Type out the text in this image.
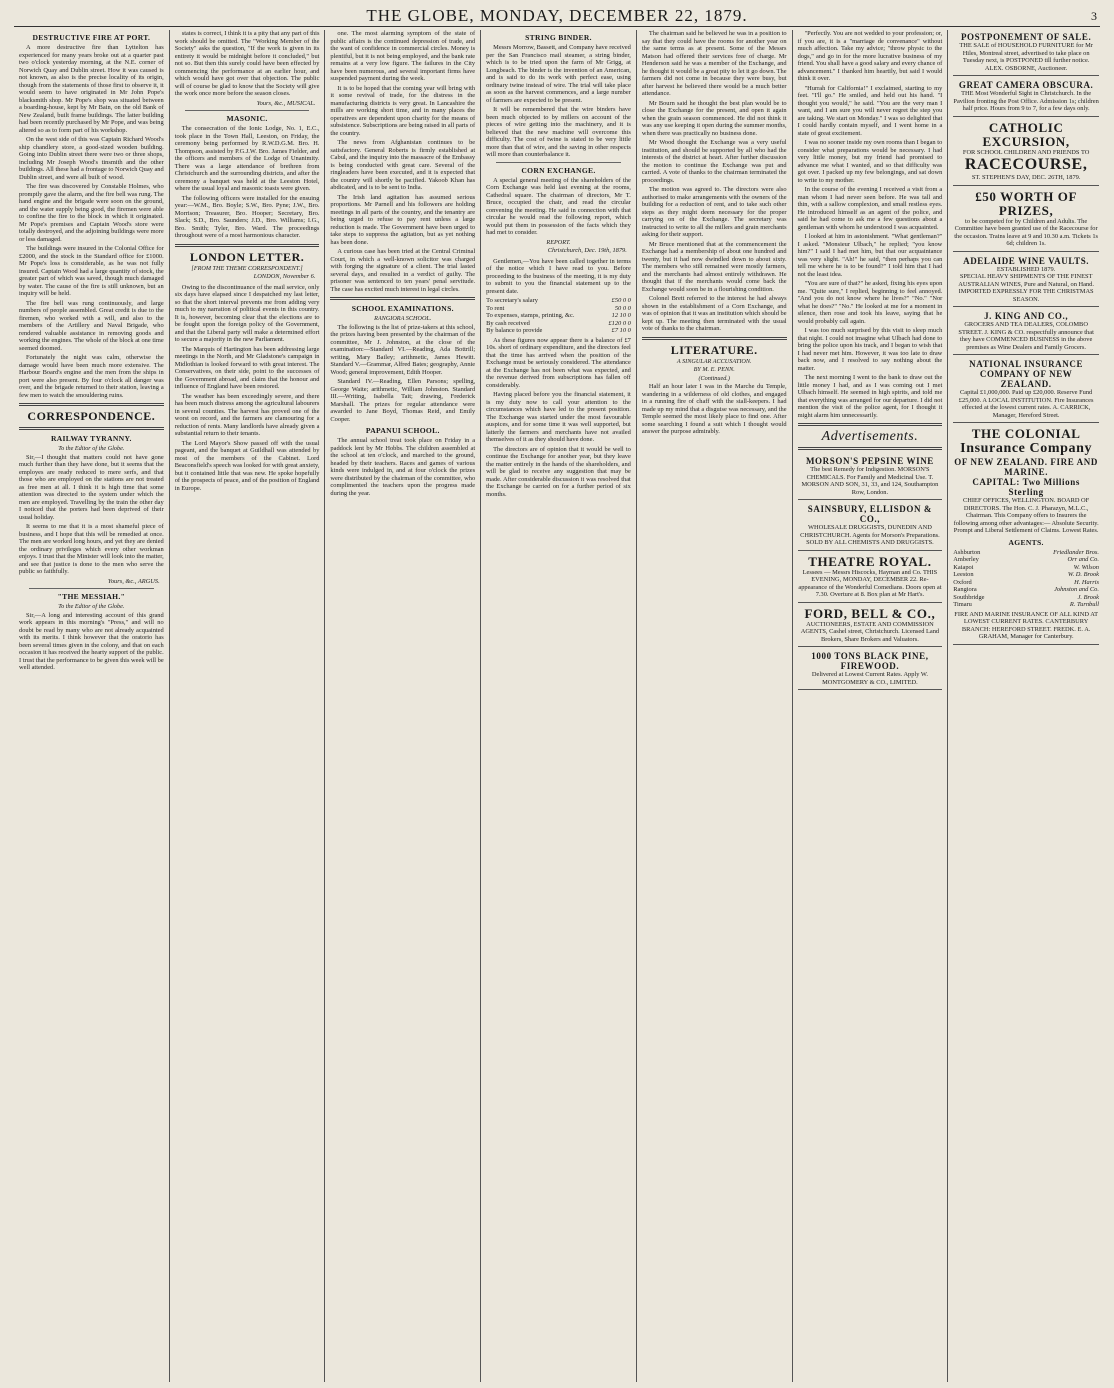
THE GLOBE, MONDAY, DECEMBER 22, 1879.	3
DESTRUCTIVE FIRE AT PORT.

A more destructive fire than Lyttelton has experienced for many years broke out at a quarter past two o'clock yesterday morning, at the N.E. corner of Norwich Quay and Dublin street. How it was caused is not known, as also is the precise locality of its origin, though from the statements of those first to observe it, it would seem to have originated in Mr John Pope's blacksmith shop. Mr Pope's shop was situated between a boarding-house, kept by Mr Bain, on the old Bank of New Zealand, built frame buildings. The latter building had been recently purchased by Mr Pope, and was being altered so as to form part of his workshop.

On the west side of this was Captain Richard Wood's ship chandlery store, a good-sized wooden building. Going into Dublin street there were two or three shops, including Mr Joseph Wood's tinsmith and the other buildings. All these had a frontage to Norwich Quay and Dublin street, and were all built of wood.

The fire was discovered by Constable Holmes, who promptly gave the alarm, and the fire bell was rung. The hand engine and the brigade were soon on the ground, and the water supply being good, the firemen were able to confine the fire to the block in which it originated. Mr Pope's premises and Captain Wood's store were totally destroyed, and the adjoining buildings were more or less damaged.

The buildings were insured in the Colonial Office for £2000, and the stock in the Standard office for £1000. Mr Pope's loss is considerable, as he was not fully insured. Captain Wood had a large quantity of stock, the greater part of which was saved, though much damaged by water. The cause of the fire is still unknown, but an inquiry will be held.

The fire bell was rung continuously, and large numbers of people assembled. Great credit is due to the firemen, who worked with a will, and also to the members of the Artillery and Naval Brigade, who rendered valuable assistance in removing goods and working the engines. The whole of the block at one time seemed doomed.

Fortunately the night was calm, otherwise the damage would have been much more extensive. The Harbour Board's engine and the men from the ships in port were also present. By four o'clock all danger was over, and the brigade returned to their station, leaving a few men to watch the smouldering ruins.

CORRESPONDENCE.
RAILWAY TYRANNY.
To the Editor of the Globe.

Sir,—I thought that matters could not have gone much further than they have done, but it seems that the employes are ready reduced to mere serfs, and that those who are employed on the stations are not treated as free men at all. I think it is high time that some attention was directed to the system under which the men are employed. Travelling by the train the other day I noticed that the porters had been deprived of their usual holiday.

It seems to me that it is a most shameful piece of business, and I hope that this will be remedied at once. The men are worked long hours, and yet they are denied the ordinary privileges which every other workman enjoys. I trust that the Minister will look into the matter, and see that justice is done to the men who serve the public so faithfully.

Yours, &c., ARGUS.
"THE MESSIAH."
To the Editor of the Globe.

Sir,—A long and interesting account of this grand work appears in this morning's "Press," and will no doubt be read by many who are not already acquainted with its merits. I think however that the oratorio has been several times given in the colony, and that on each occasion it has received the hearty support of the public. I trust that the performance to be given this week will be well attended.

states is correct, I think it is a pity that any part of this work should be omitted. The "Working Member of the Society" asks the question, "If the work is given in its entirety it would be midnight before it concluded," but not so. But then this surely could have been effected by commencing the performance at an earlier hour, and which would have got over that objection. The public will of course be glad to know that the Society will give the work once more before the season closes.

Yours, &c., MUSICAL.
MASONIC.

The consecration of the Ionic Lodge, No. 1, E.C., took place in the Town Hall, Leeston, on Friday, the ceremony being performed by R.W.D.G.M. Bro. H. Thompson, assisted by P.G.J.W. Bro. James Fielder, and the officers and members of the Lodge of Unanimity. There was a large attendance of brethren from Christchurch and the surrounding districts, and after the ceremony a banquet was held at the Leeston Hotel, where the usual loyal and masonic toasts were given.

The following officers were installed for the ensuing year:—W.M., Bro. Boyle; S.W., Bro. Pyne; J.W., Bro. Morrison; Treasurer, Bro. Hooper; Secretary, Bro. Slack; S.D., Bro. Saunders; J.D., Bro. Williams; I.G., Bro. Smith; Tyler, Bro. Ward. The proceedings throughout were of a most harmonious character.

LONDON LETTER.
[FROM THE THEME CORRESPONDENT.]
LONDON, November 6.

Owing to the discontinuance of the mail service, only six days have elapsed since I despatched my last letter, so that the short interval prevents me from adding very much to my narration of political events in this country. It is, however, becoming clear that the elections are to be fought upon the foreign policy of the Government, and that the Liberal party will make a determined effort to secure a majority in the new Parliament.

The Marquis of Hartington has been addressing large meetings in the North, and Mr Gladstone's campaign in Midlothian is looked forward to with great interest. The Conservatives, on their side, point to the successes of the Government abroad, and claim that the honour and influence of England have been restored.

The weather has been exceedingly severe, and there has been much distress among the agricultural labourers in several counties. The harvest has proved one of the worst on record, and the farmers are clamouring for a reduction of rents. Many landlords have already given a substantial return to their tenants.

The Lord Mayor's Show passed off with the usual pageant, and the banquet at Guildhall was attended by most of the members of the Cabinet. Lord Beaconsfield's speech was looked for with great anxiety, but it contained little that was new. He spoke hopefully of the prospects of peace, and of the position of England in Europe.

one. The most alarming symptom of the state of public affairs is the continued depression of trade, and the want of confidence in commercial circles. Money is plentiful, but it is not being employed, and the bank rate remains at a very low figure. The failures in the City have been numerous, and several important firms have suspended payment during the week.

It is to be hoped that the coming year will bring with it some revival of trade, for the distress in the manufacturing districts is very great. In Lancashire the mills are working short time, and in many places the operatives are dependent upon charity for the means of subsistence. Subscriptions are being raised in all parts of the country.

The news from Afghanistan continues to be satisfactory. General Roberts is firmly established at Cabul, and the inquiry into the massacre of the Embassy is being conducted with great care. Several of the ringleaders have been executed, and it is expected that the country will shortly be pacified. Yakoob Khan has abdicated, and is to be sent to India.

The Irish land agitation has assumed serious proportions. Mr Parnell and his followers are holding meetings in all parts of the country, and the tenantry are being urged to refuse to pay rent unless a large reduction is made. The Government have been urged to take steps to suppress the agitation, but as yet nothing has been done.

A curious case has been tried at the Central Criminal Court, in which a well-known solicitor was charged with forging the signature of a client. The trial lasted several days, and resulted in a verdict of guilty. The prisoner was sentenced to ten years' penal servitude. The case has excited much interest in legal circles.

SCHOOL EXAMINATIONS.
RANGIORA SCHOOL.

The following is the list of prize-takers at this school, the prizes having been presented by the chairman of the committee, Mr J. Johnston, at the close of the examination:—Standard VI.—Reading, Ada Bottrill; writing, Mary Bailey; arithmetic, James Hewitt. Standard V.—Grammar, Alfred Bates; geography, Annie Wood; general improvement, Edith Hooper.

Standard IV.—Reading, Ellen Parsons; spelling, George Waite; arithmetic, William Johnston. Standard III.—Writing, Isabella Tait; drawing, Frederick Marshall. The prizes for regular attendance were awarded to Jane Boyd, Thomas Reid, and Emily Cooper.

PAPANUI SCHOOL.

The annual school treat took place on Friday in a paddock lent by Mr Hobbs. The children assembled at the school at ten o'clock, and marched to the ground, headed by their teachers. Races and games of various kinds were indulged in, and at four o'clock the prizes were distributed by the chairman of the committee, who complimented the teachers upon the progress made during the year.

STRING BINDER.

Messrs Morrow, Bassett, and Company have received per the San Francisco mail steamer, a string binder, which is to be tried upon the farm of Mr Grigg, at Longbeach. The binder is the invention of an American, and is said to do its work with perfect ease, using ordinary twine instead of wire. The trial will take place as soon as the harvest commences, and a large number of farmers are expected to be present.

It will be remembered that the wire binders have been much objected to by millers on account of the pieces of wire getting into the machinery, and it is believed that the new machine will overcome this difficulty. The cost of twine is stated to be very little more than that of wire, and the saving in other respects will more than counterbalance it.

CORN EXCHANGE.

A special general meeting of the shareholders of the Corn Exchange was held last evening at the rooms, Cathedral square. The chairman of directors, Mr T. Bruce, occupied the chair, and read the circular convening the meeting. He said in connection with that circular he would read the following report, which would put them in possession of the facts which they had met to consider.

REPORT.
Christchurch, Dec. 19th, 1879.

Gentlemen,—You have been called together in terms of the notice which I have read to you. Before proceeding to the business of the meeting, it is my duty to submit to you the financial statement up to the present date.

To secretary's salary	£50 0 0
To rent	50 0 0
To expenses, stamps, printing, &c.	12 10 0
By cash received	£120 0 0
By balance to provide	£7 10 0

As these figures now appear there is a balance of £7 10s. short of ordinary expenditure, and the directors feel that the time has arrived when the position of the Exchange must be seriously considered. The attendance at the Exchange has not been what was expected, and the revenue derived from subscriptions has fallen off considerably.

Having placed before you the financial statement, it is my duty now to call your attention to the circumstances which have led to the present position. The Exchange was started under the most favourable auspices, and for some time it was well supported, but latterly the farmers and merchants have not availed themselves of it as they should have done.

The directors are of opinion that it would be well to continue the Exchange for another year, but they leave the matter entirely in the hands of the shareholders, and will be glad to receive any suggestion that may be made. After considerable discussion it was resolved that the Exchange be carried on for a further period of six months.

The chairman said he believed he was in a position to say that they could have the rooms for another year on the same terms as at present. Some of the Messrs Matson had offered their services free of charge. Mr Henderson said he was a member of the Exchange, and he thought it would be a great pity to let it go down. The farmers did not come in because they were busy, but after harvest he believed there would be a much better attendance.

Mr Bourn said he thought the best plan would be to close the Exchange for the present, and open it again when the grain season commenced. He did not think it was any use keeping it open during the summer months, when there was practically no business done.

Mr Wood thought the Exchange was a very useful institution, and should be supported by all who had the interests of the district at heart. After further discussion the motion to continue the Exchange was put and carried. A vote of thanks to the chairman terminated the proceedings.

The motion was agreed to. The directors were also authorised to make arrangements with the owners of the building for a reduction of rent, and to take such other steps as they might deem necessary for the proper carrying on of the Exchange. The secretary was instructed to write to all the millers and grain merchants asking for their support.

Mr Bruce mentioned that at the commencement the Exchange had a membership of about one hundred and twenty, but it had now dwindled down to about sixty. The members who still remained were mostly farmers, and the merchants had almost entirely withdrawn. He thought that if the merchants would come back the Exchange would soon be in a flourishing condition.

Colonel Brett referred to the interest he had always shown in the establishment of a Corn Exchange, and was of opinion that it was an institution which should be kept up. The meeting then terminated with the usual vote of thanks to the chairman.

LITERATURE.
A SINGULAR ACCUSATION.
BY M. E. PENN.
(Continued.)

Half an hour later I was in the Marche du Temple, wandering in a wilderness of old clothes, and engaged in a running fire of chaff with the stall-keepers. I had made up my mind that a disguise was necessary, and the Temple seemed the most likely place to find one. After some searching I found a suit which I thought would answer the purpose admirably.

"Perfectly. You are not wedded to your profession; or, if you are, it is a "marriage de convenance" without much affection. Take my advice; "throw physic to the dogs," and go in for the more lucrative business of my friend. You shall have a good salary and every chance of advancement." I thanked him heartily, but said I would think it over.

"Hurrah for California!" I exclaimed, starting to my feet. "I'll go." He smiled, and held out his hand. "I thought you would," he said. "You are the very man I want, and I am sure you will never regret the step you are taking. We start on Monday." I was so delighted that I could hardly contain myself, and I went home in a state of great excitement.

I was no sooner inside my own rooms than I began to consider what preparations would be necessary. I had very little money, but my friend had promised to advance me what I wanted, and so that difficulty was got over. I packed up my few belongings, and sat down to write to my mother.

In the course of the evening I received a visit from a man whom I had never seen before. He was tall and thin, with a sallow complexion, and small restless eyes. He introduced himself as an agent of the police, and said he had come to ask me a few questions about a gentleman with whom he understood I was acquainted.

I looked at him in astonishment. "What gentleman?" I asked. "Monsieur Ulbach," he replied; "you know him?" I said I had met him, but that our acquaintance was very slight. "Ah!" he said, "then perhaps you can tell me where he is to be found?" I told him that I had not the least idea.

"You are sure of that?" he asked, fixing his eyes upon me. "Quite sure," I replied, beginning to feel annoyed. "And you do not know where he lives?" "No." "Nor what he does?" "No." He looked at me for a moment in silence, then rose and took his leave, saying that he would probably call again.

I was too much surprised by this visit to sleep much that night. I could not imagine what Ulbach had done to bring the police upon his track, and I began to wish that I had never met him. However, it was too late to draw back now, and I resolved to say nothing about the matter.

The next morning I went to the bank to draw out the little money I had, and as I was coming out I met Ulbach himself. He seemed in high spirits, and told me that everything was arranged for our departure. I did not mention the visit of the police agent, for I thought it might alarm him unnecessarily.

Advertisements.
MORSON'S PEPSINE WINE
The best Remedy for Indigestion. MORSON'S CHEMICALS. For Family and Medicinal Use. T. MORSON AND SON, 31, 33, and 124, Southampton Row, London.
SAINSBURY, ELLISDON & CO.,
WHOLESALE DRUGGISTS, DUNEDIN AND CHRISTCHURCH. Agents for Morson's Preparations. SOLD BY ALL CHEMISTS AND DRUGGISTS.
THEATRE ROYAL.
Lessees — Messrs Hiscocks, Hayman and Co. THIS EVENING, MONDAY, DECEMBER 22. Re-appearance of the Wonderful Comedians. Doors open at 7.30. Overture at 8. Box plan at Mr Hart's.
FORD, BELL & CO.,
AUCTIONEERS, ESTATE AND COMMISSION AGENTS, Cashel street, Christchurch. Licensed Land Brokers, Share Brokers and Valuators.
1000 TONS BLACK PINE, FIREWOOD.
Delivered at Lowest Current Rates. Apply W. MONTGOMERY & CO., LIMITED.
POSTPONEMENT OF SALE.
THE SALE of HOUSEHOLD FURNITURE for Mr Hiles, Montreal street, advertised to take place on Tuesday next, is POSTPONED till further notice. ALEX. OSBORNE, Auctioneer.
GREAT CAMERA OBSCURA.
THE Most Wonderful Sight in Christchurch. In the Pavilion fronting the Post Office. Admission 1s; children half price. Hours from 9 to 7, for a few days only.
CATHOLIC EXCURSION,
FOR SCHOOL CHILDREN AND FRIENDS TO
RACECOURSE,
ST. STEPHEN'S DAY, DEC. 26TH, 1879.
£50 WORTH OF PRIZES,
to be competed for by Children and Adults. The Committee have been granted use of the Racecourse for the occasion. Trains leave at 9 and 10.30 a.m. Tickets 1s 6d; children 1s.
ADELAIDE WINE VAULTS.
ESTABLISHED 1879.
SPECIAL HEAVY SHIPMENTS OF THE FINEST AUSTRALIAN WINES, Pure and Natural, on Hand. IMPORTED EXPRESSLY FOR THE CHRISTMAS SEASON.
J. KING AND CO.,
GROCERS AND TEA DEALERS, COLOMBO STREET. J. KING & CO. respectfully announce that they have COMMENCED BUSINESS in the above premises as Wine Dealers and Family Grocers.
NATIONAL INSURANCE COMPANY OF NEW ZEALAND.
Capital £1,000,000. Paid up £20,000. Reserve Fund £25,000. A LOCAL INSTITUTION. Fire Insurances effected at the lowest current rates. A. CARRICK, Manager, Hereford Street.
THE COLONIAL
Insurance Company
OF NEW ZEALAND. FIRE AND MARINE.
CAPITAL: Two Millions Sterling
CHIEF OFFICES, WELLINGTON. BOARD OF DIRECTORS. The Hon. C. J. Pharazyn, M.L.C., Chairman. This Company offers to Insurers the following among other advantages:— Absolute Security. Prompt and Liberal Settlement of Claims. Lowest Rates.
AGENTS.
Ashburton	Friedlander Bros.
Amberley	Orr and Co.
Kaiapoi	W. Wilson
Leeston	W. D. Brook
Oxford	H. Harris
Rangiora	Johnston and Co.
Southbridge	J. Brook
Timaru	R. Turnbull
FIRE AND MARINE INSURANCE OF ALL KIND AT LOWEST CURRENT RATES. CANTERBURY BRANCH: HEREFORD STREET. FREDK. E. A. GRAHAM, Manager for Canterbury.
